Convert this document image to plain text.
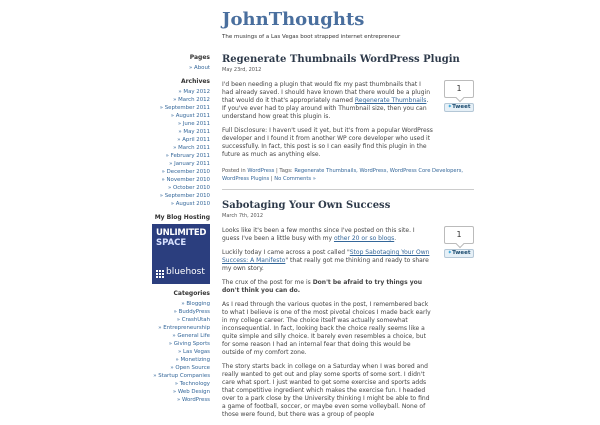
JohnThoughts
The musings of a Las Vegas boot strapped internet entrepreneur
Pages
» About
Archives
» May 2012
» March 2012
» September 2011
» August 2011
» June 2011
» May 2011
» April 2011
» March 2011
» February 2011
» January 2011
» December 2010
» November 2010
» October 2010
» September 2010
» August 2010
My Blog Hosting
UNLIMITED
SPACE
bluehost
Categories
» Blogging
» BuddyPress
» CrashUtah
» Entrepreneurship
» General Life
» Giving Sports
» Las Vegas
» Monetizing
» Open Source
» Startup Companies
» Technology
» Web Design
» WordPress
1
✦Tweet
Regenerate Thumbnails WordPress Plugin
May 23rd, 2012

I'd been needing a plugin that would fix my past thumbnails that I had already saved. I should have known that there would be a plugin that would do it that's appropriately named Regenerate Thumbnails. If you've ever had to play around with Thumbnail size, then you can understand how great this plugin is.

Full Disclosure: I haven't used it yet, but it's from a popular WordPress developer and I found it from another WP core developer who used it successfully. In fact, this post is so I can easily find this plugin in the future as much as anything else.

Posted in WordPress | Tags: Regenerate Thumbnails, WordPress, WordPress Core Developers, WordPress Plugins | No Comments »
1
✦Tweet
Sabotaging Your Own Success
March 7th, 2012

Looks like it's been a few months since I've posted on this site. I guess I've been a little busy with my other 20 or so blogs.

Luckily today I came across a post called "Stop Sabotaging Your Own Success: A Manifesto" that really got me thinking and ready to share my own story.

The crux of the post for me is Don't be afraid to try things you don't think you can do.

As I read through the various quotes in the post, I remembered back to what I believe is one of the most pivotal choices I made back early in my college career. The choice itself was actually somewhat inconsequential. In fact, looking back the choice really seems like a quite simple and silly choice. It barely even resembles a choice, but for some reason I had an internal fear that doing this would be outside of my comfort zone.

The story starts back in college on a Saturday when I was bored and really wanted to get out and play some sports of some sort. I didn't care what sport. I just wanted to get some exercise and sports adds that competitive ingredient which makes the exercise fun. I headed over to a park close by the University thinking I might be able to find a game of football, soccer, or maybe even some volleyball. None of those were found, but there was a group of people
